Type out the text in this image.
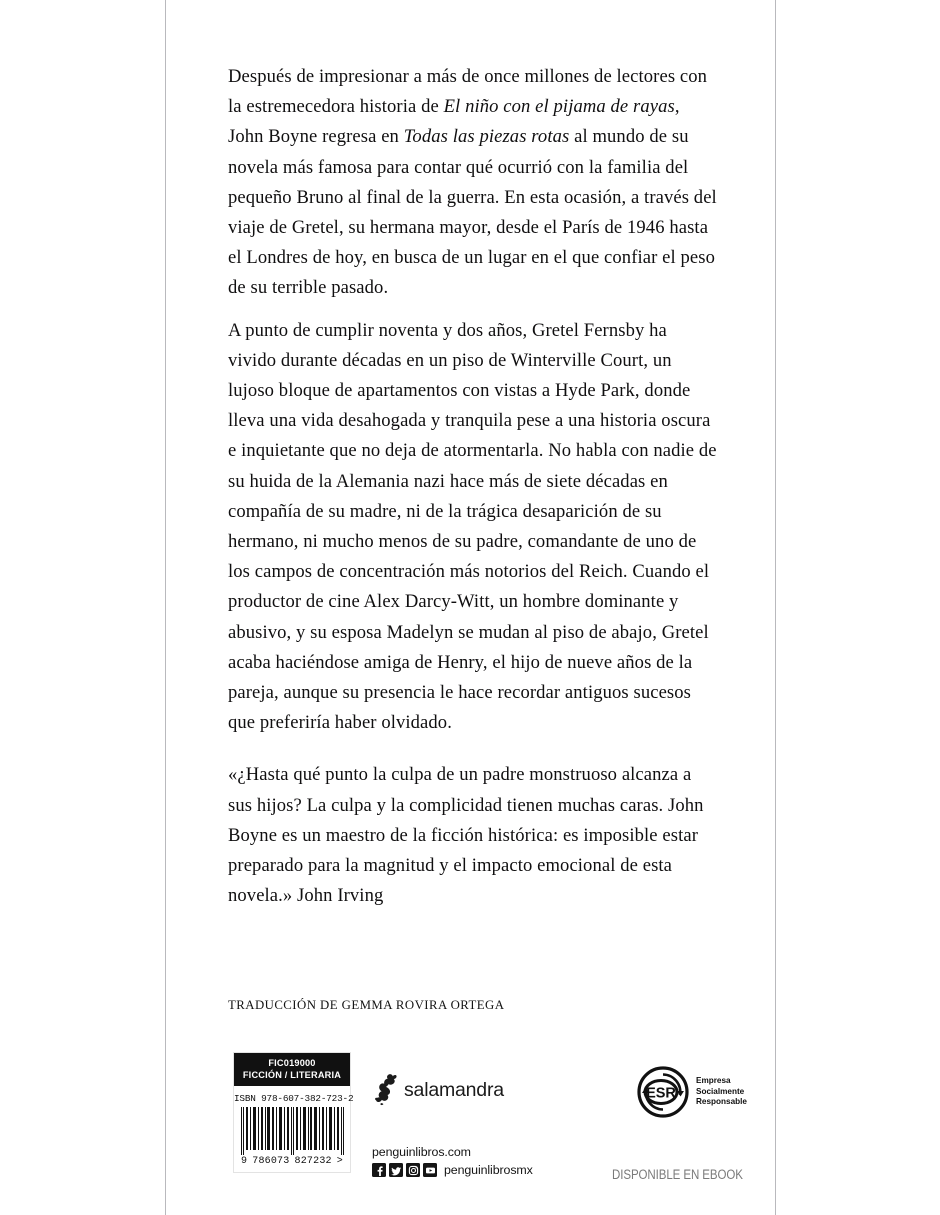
Después de impresionar a más de once millones de lectores con la estremecedora historia de El niño con el pijama de rayas, John Boyne regresa en Todas las piezas rotas al mundo de su novela más famosa para contar qué ocurrió con la familia del pequeño Bruno al final de la guerra. En esta ocasión, a través del viaje de Gretel, su hermana mayor, desde el París de 1946 hasta el Londres de hoy, en busca de un lugar en el que confiar el peso de su terrible pasado.

A punto de cumplir noventa y dos años, Gretel Fernsby ha vivido durante décadas en un piso de Winterville Court, un lujoso bloque de apartamentos con vistas a Hyde Park, donde lleva una vida desahogada y tranquila pese a una historia oscura e inquietante que no deja de atormentarla. No habla con nadie de su huida de la Alemania nazi hace más de siete décadas en compañía de su madre, ni de la trágica desaparición de su hermano, ni mucho menos de su padre, comandante de uno de los campos de concentración más notorios del Reich. Cuando el productor de cine Alex Darcy-Witt, un hombre dominante y abusivo, y su esposa Madelyn se mudan al piso de abajo, Gretel acaba haciéndose amiga de Henry, el hijo de nueve años de la pareja, aunque su presencia le hace recordar antiguos sucesos que preferiría haber olvidado.

«¿Hasta qué punto la culpa de un padre monstruoso alcanza a sus hijos? La culpa y la complicidad tienen muchas caras. John Boyne es un maestro de la ficción histórica: es imposible estar preparado para la magnitud y el impacto emocional de esta novela.» John Irving

TRADUCCIÓN DE GEMMA ROVIRA ORTEGA
FIC019000
FICCIÓN / LITERARIA
ISBN 978-607-382-723-2
9 786073 827232 >
salamandra
penguinlibros.com
penguinlibrosmx
ESR
Empresa
Socialmente
Responsable
DISPONIBLE EN EBOOK
